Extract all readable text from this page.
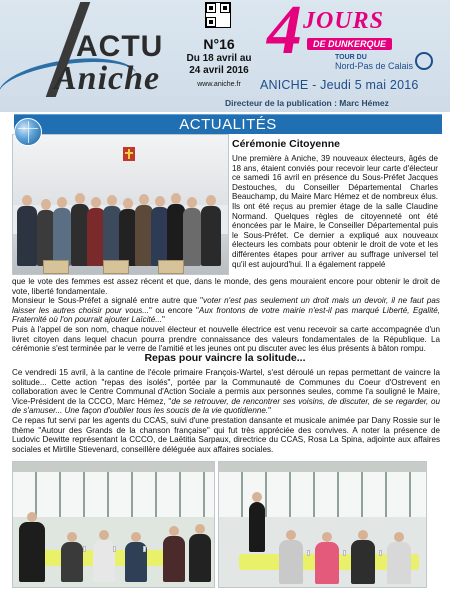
ACTU
Aniche
N°16
Du 18 avril au
24 avril 2016
www.aniche.fr
4 JOURS
DE DUNKERQUE
TOUR DU
Nord-Pas de Calais
ANICHE - Jeudi 5 mai 2016
Directeur de la publication : Marc Hémez
ACTUALITÉS
Cérémonie Citoyenne
Une première à Aniche, 39 nouveaux électeurs, âgés de 18 ans, étaient conviés pour recevoir leur carte d'électeur ce samedi 16 avril en présence du Sous-Préfet Jacques Destouches, du Conseiller Départemental Charles Beauchamp, du Maire Marc Hémez et de nombreux élus. Ils ont été reçus au premier étage de la salle Claudine Normand. Quelques règles de citoyenneté ont été énoncées par le Maire, le Conseiller Départemental puis le Sous-Préfet. Ce dernier a expliqué aux nouveaux électeurs les combats pour obtenir le droit de vote et les différentes étapes pour arriver au suffrage universel tel qu'il est aujourd'hui. Il a également rappelé

que le vote des femmes est assez récent et que, dans le monde, des gens mouraient encore pour obtenir le droit de vote, liberté fondamentale.

Monsieur le Sous-Préfet a signalé entre autre que "voter n'est pas seulement un droit mais un devoir, il ne faut pas laisser les autres choisir pour vous..." ou encore "Aux frontons de votre mairie n'est-il pas marqué Liberté, Egalité, Fraternité où l'on pourrait ajouter Laïcité..."

Puis à l'appel de son nom, chaque nouvel électeur et nouvelle électrice est venu recevoir sa carte accompagnée d'un livret citoyen dans lequel chacun pourra prendre connaissance des valeurs fondamentales de la République. La cérémonie s'est terminée par le verre de l'amitié et les jeunes ont pu discuter avec les élus présents à bâton rompu.

Repas pour vaincre la solitude...

Ce vendredi 15 avril, à la cantine de l'école primaire François-Wartel, s'est déroulé un repas permettant de vaincre la solitude... Cette action "repas des isolés", portée par la Communauté de Communes du Coeur d'Ostrevent en collaboration avec le Centre Communal d'Action Sociale a permis aux personnes seules, comme l'a souligné le Maire, Vice-Président de la CCCO, Marc Hémez, "de se retrouver, de rencontrer ses voisins, de discuter, de se regarder, ou de s'amuser... Une façon d'oublier tous les soucis de la vie quotidienne."

Ce repas fut servi par les agents du CCAS, suivi d'une prestation dansante et musicale animée par Dany Rossie sur le thème "Autour des Grands de la chanson française" qui fut très appréciée des convives. A noter la présence de Ludovic Dewitte représentant la CCCO, de Laëtitia Sarpaux, directrice du CCAS, Rosa La Spina, adjointe aux affaires sociales et Mirtille Stievenard, conseillère déléguée aux affaires sociales.
